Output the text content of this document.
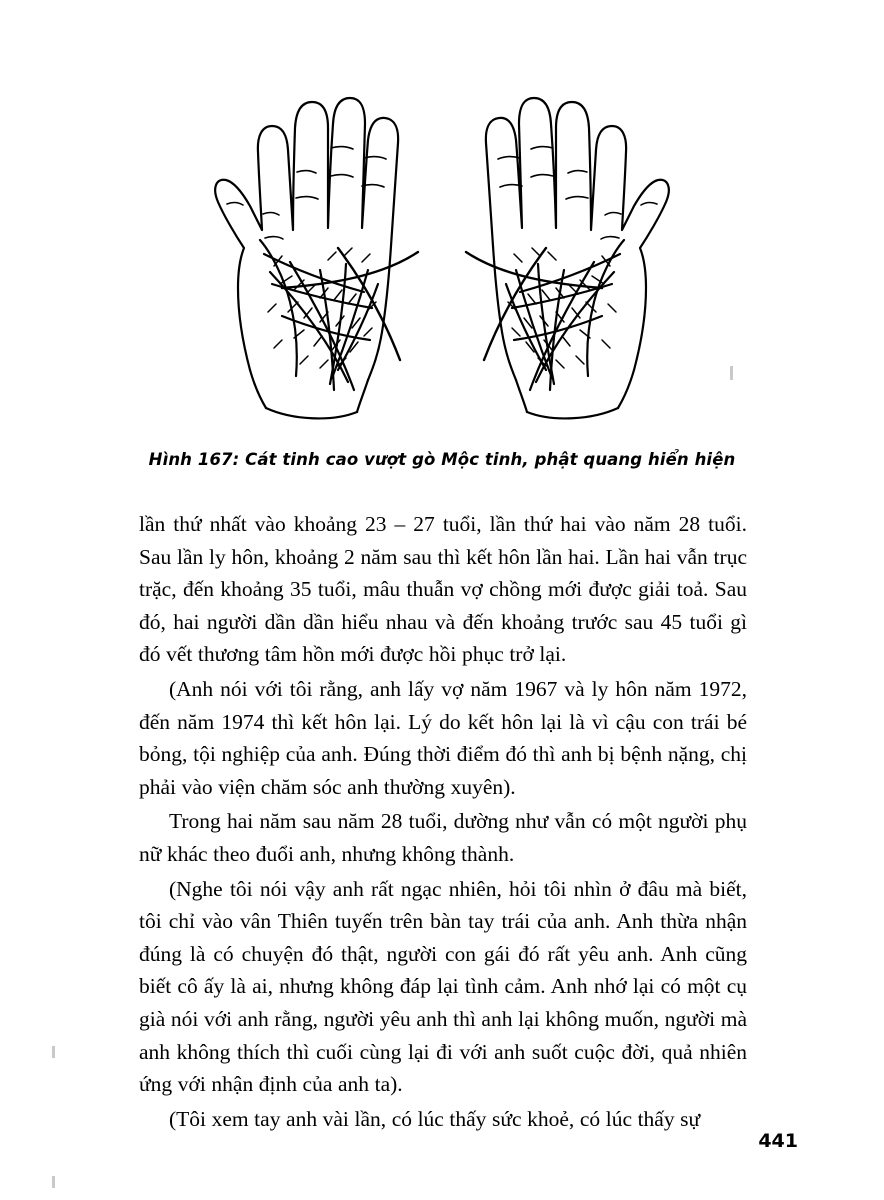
Hình 167: Cát tinh cao vượt gò Mộc tinh, phật quang hiển hiện

lần thứ nhất vào khoảng 23 – 27 tuổi, lần thứ hai vào năm 28 tuổi. Sau lần ly hôn, khoảng 2 năm sau thì kết hôn lần hai. Lần hai vẫn trục trặc, đến khoảng 35 tuổi, mâu thuẫn vợ chồng mới được giải toả. Sau đó, hai người dần dần hiểu nhau và đến khoảng trước sau 45 tuổi gì đó vết thương tâm hồn mới được hồi phục trở lại.

(Anh nói với tôi rằng, anh lấy vợ năm 1967 và ly hôn năm 1972, đến năm 1974 thì kết hôn lại. Lý do kết hôn lại là vì cậu con trái bé bỏng, tội nghiệp của anh. Đúng thời điểm đó thì anh bị bệnh nặng, chị phải vào viện chăm sóc anh thường xuyên).

Trong hai năm sau năm 28 tuổi, dường như vẫn có một người phụ nữ khác theo đuổi anh, nhưng không thành.

(Nghe tôi nói vậy anh rất ngạc nhiên, hỏi tôi nhìn ở đâu mà biết, tôi chỉ vào vân Thiên tuyến trên bàn tay trái của anh. Anh thừa nhận đúng là có chuyện đó thật, người con gái đó rất yêu anh. Anh cũng biết cô ấy là ai, nhưng không đáp lại tình cảm. Anh nhớ lại có một cụ già nói với anh rằng, người yêu anh thì anh lại không muốn, người mà anh không thích thì cuối cùng lại đi với anh suốt cuộc đời, quả nhiên ứng với nhận định của anh ta).

(Tôi xem tay anh vài lần, có lúc thấy sức khoẻ, có lúc thấy sự

441
